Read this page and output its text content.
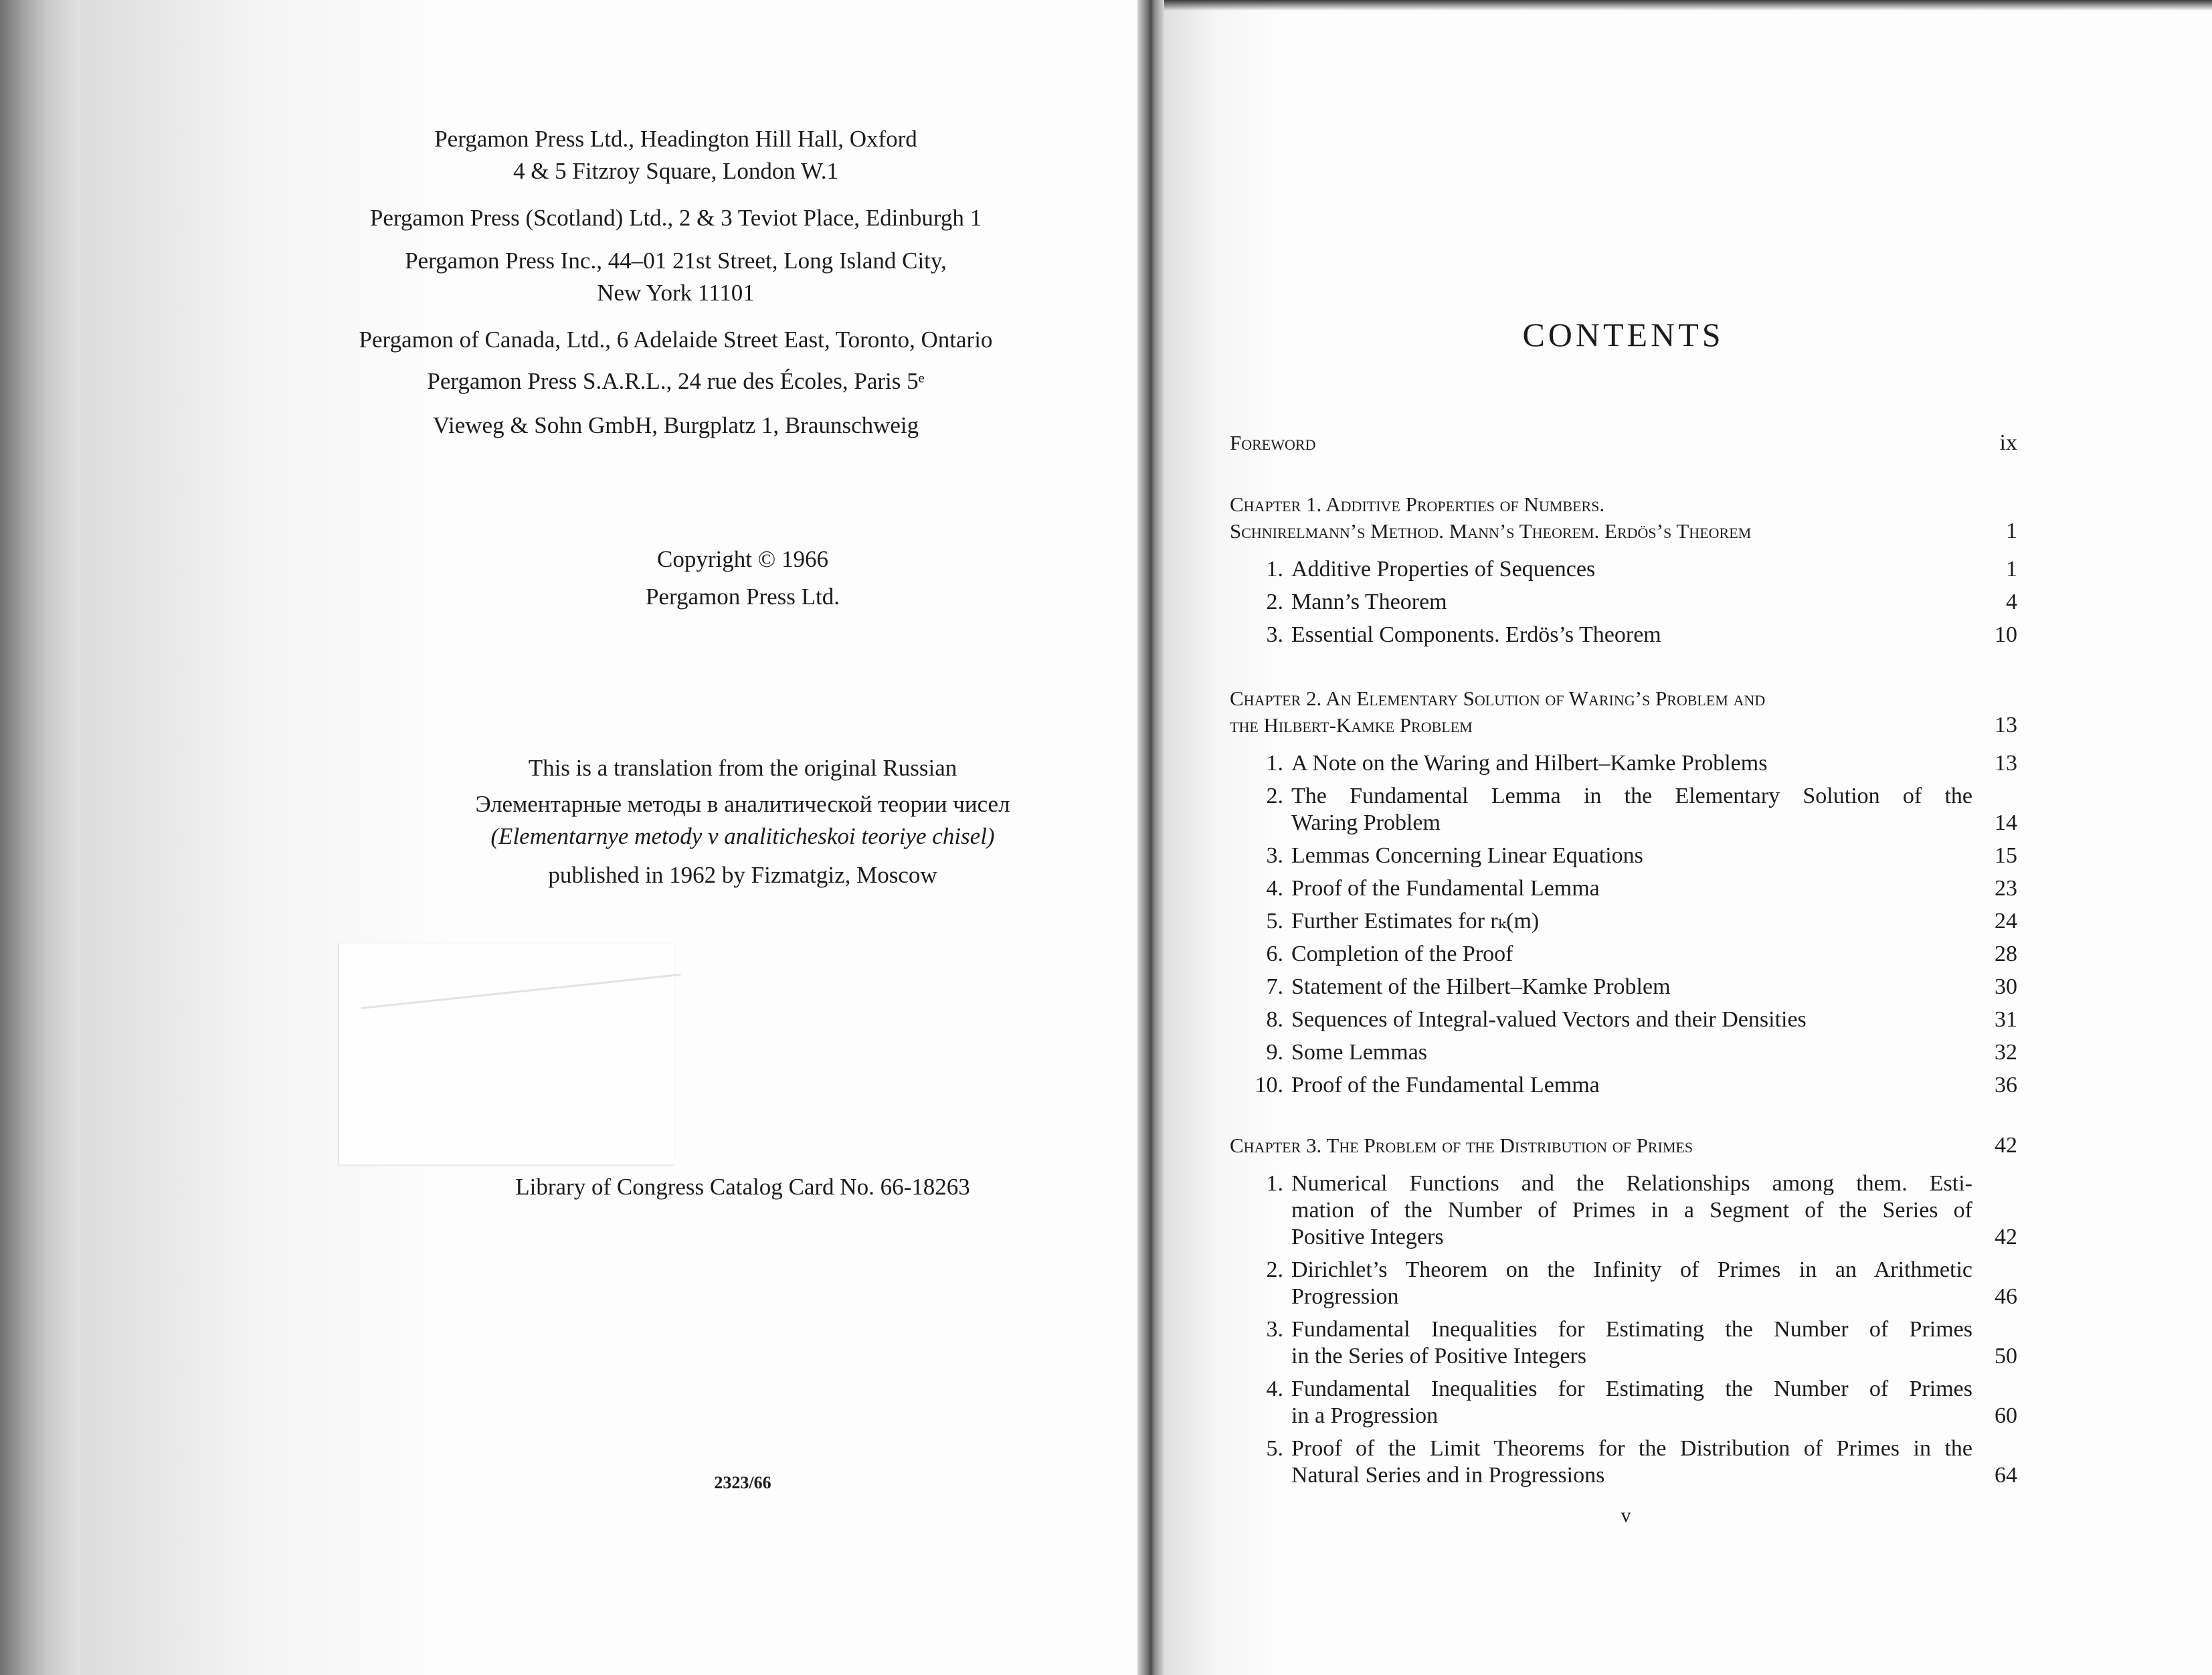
Pergamon Press Ltd., Headington Hill Hall, Oxford
4 & 5 Fitzroy Square, London W.1
Pergamon Press (Scotland) Ltd., 2 & 3 Teviot Place, Edinburgh 1
Pergamon Press Inc., 44–01 21st Street, Long Island City,
New York 11101
Pergamon of Canada, Ltd., 6 Adelaide Street East, Toronto, Ontario
Pergamon Press S.A.R.L., 24 rue des Écoles, Paris 5ᵉ
Vieweg & Sohn GmbH, Burgplatz 1, Braunschweig
Copyright © 1966
Pergamon Press Ltd.
This is a translation from the original Russian
Элементарные методы в аналитической теории чисел
(Elementarnye metody v analiticheskoi teoriye chisel)
published in 1962 by Fizmatgiz, Moscow
Library of Congress Catalog Card No. 66-18263
2323/66
CONTENTS
Foreword	ix
Chapter 1. Additive Properties of Numbers.
Schnirelmann’s Method. Mann’s Theorem. Erdös’s Theorem	1
1. Additive Properties of Sequences	1
2. Mann’s Theorem	4
3. Essential Components. Erdös’s Theorem	10
Chapter 2. An Elementary Solution of Waring’s Problem and
the Hilbert-Kamke Problem	13
1. A Note on the Waring and Hilbert–Kamke Problems	13
2. The Fundamental Lemma in the Elementary Solution of the
Waring Problem	14
3. Lemmas Concerning Linear Equations	15
4. Proof of the Fundamental Lemma	23
5. Further Estimates for rₖ(m)	24
6. Completion of the Proof	28
7. Statement of the Hilbert–Kamke Problem	30
8. Sequences of Integral-valued Vectors and their Densities	31
9. Some Lemmas	32
10. Proof of the Fundamental Lemma	36
Chapter 3. The Problem of the Distribution of Primes	42
1. Numerical Functions and the Relationships among them. Esti-
mation of the Number of Primes in a Segment of the Series of
Positive Integers	42
2. Dirichlet’s Theorem on the Infinity of Primes in an Arithmetic
Progression	46
3. Fundamental Inequalities for Estimating the Number of Primes
in the Series of Positive Integers	50
4. Fundamental Inequalities for Estimating the Number of Primes
in a Progression	60
5. Proof of the Limit Theorems for the Distribution of Primes in the
Natural Series and in Progressions	64
v
